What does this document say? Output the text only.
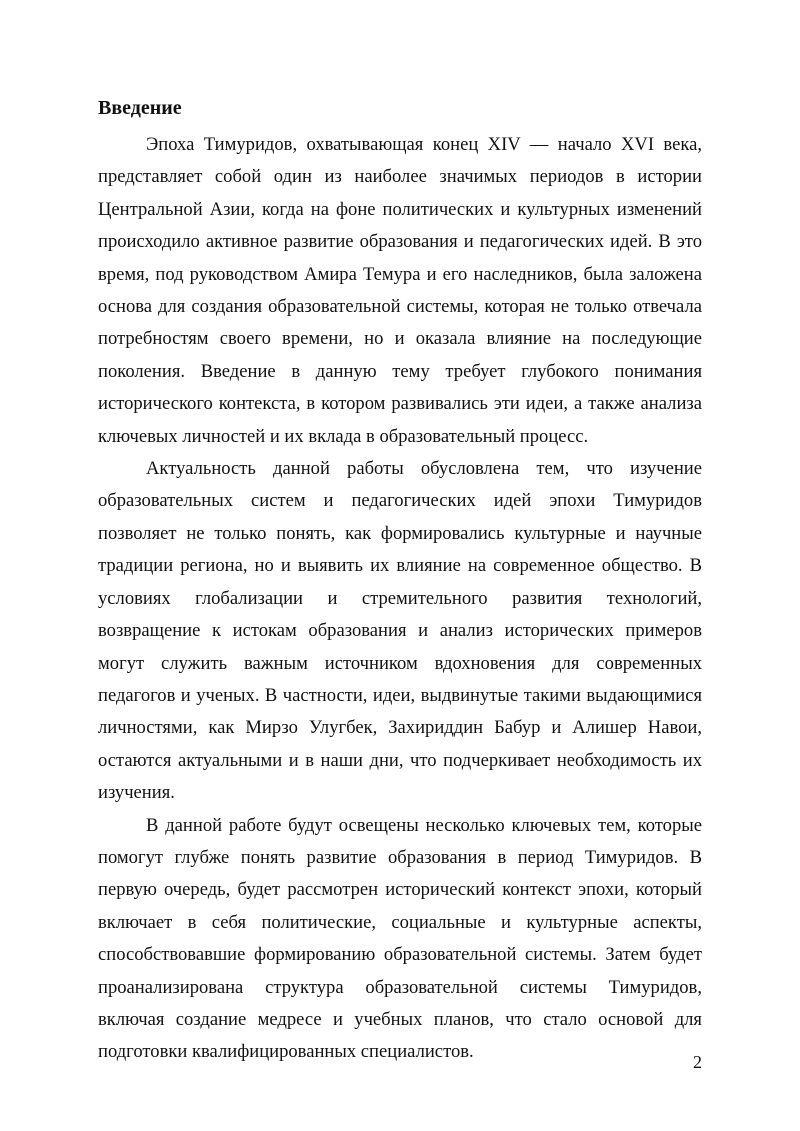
Введение

Эпоха Тимуридов, охватывающая конец XIV — начало XVI века, представляет собой один из наиболее значимых периодов в истории Центральной Азии, когда на фоне политических и культурных изменений происходило активное развитие образования и педагогических идей. В это время, под руководством Амира Темура и его наследников, была заложена основа для создания образовательной системы, которая не только отвечала потребностям своего времени, но и оказала влияние на последующие поколения. Введение в данную тему требует глубокого понимания исторического контекста, в котором развивались эти идеи, а также анализа ключевых личностей и их вклада в образовательный процесс.

Актуальность данной работы обусловлена тем, что изучение образовательных систем и педагогических идей эпохи Тимуридов позволяет не только понять, как формировались культурные и научные традиции региона, но и выявить их влияние на современное общество. В условиях глобализации и стремительного развития технологий, возвращение к истокам образования и анализ исторических примеров могут служить важным источником вдохновения для современных педагогов и ученых. В частности, идеи, выдвинутые такими выдающимися личностями, как Мирзо Улугбек, Захириддин Бабур и Алишер Навои, остаются актуальными и в наши дни, что подчеркивает необходимость их изучения.

В данной работе будут освещены несколько ключевых тем, которые помогут глубже понять развитие образования в период Тимуридов. В первую очередь, будет рассмотрен исторический контекст эпохи, который включает в себя политические, социальные и культурные аспекты, способствовавшие формированию образовательной системы. Затем будет проанализирована структура образовательной системы Тимуридов, включая создание медресе и учебных планов, что стало основой для подготовки квалифицированных специалистов.	2
